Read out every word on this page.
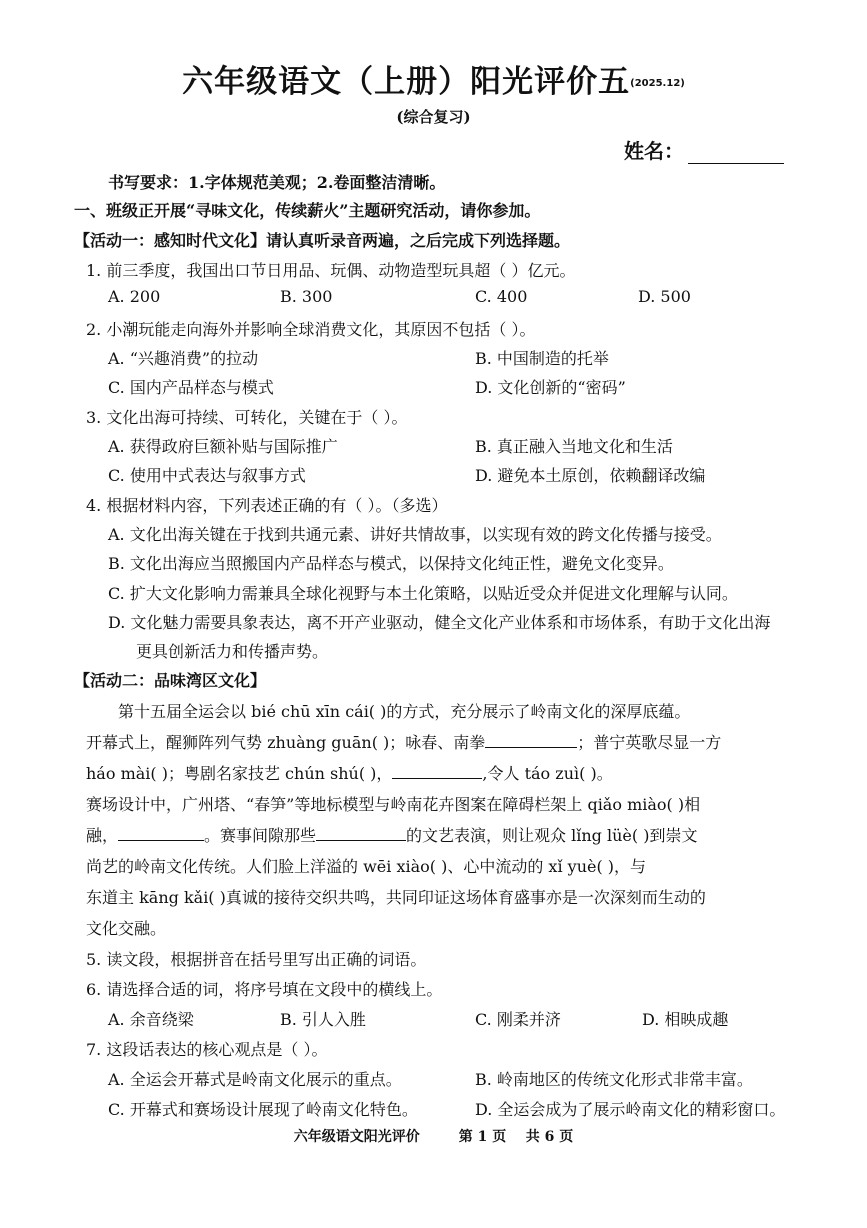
六年级语文（上册）阳光评价五(2025.12)
(综合复习)
姓名：
书写要求：1.字体规范美观；2.卷面整洁清晰。
一、班级正开展“寻味文化，传续薪火”主题研究活动，请你参加。
【活动一：感知时代文化】请认真听录音两遍，之后完成下列选择题。
1. 前三季度，我国出口节日用品、玩偶、动物造型玩具超（ ）亿元。
A. 200	B. 300	C. 400	D. 500
2. 小潮玩能走向海外并影响全球消费文化，其原因不包括（ ）。
A. “兴趣消费”的拉动	B. 中国制造的托举
C. 国内产品样态与模式	D. 文化创新的“密码”
3. 文化出海可持续、可转化，关键在于（ ）。
A. 获得政府巨额补贴与国际推广	B. 真正融入当地文化和生活
C. 使用中式表达与叙事方式	D. 避免本土原创，依赖翻译改编
4. 根据材料内容，下列表述正确的有（ ）。（多选）
A. 文化出海关键在于找到共通元素、讲好共情故事，以实现有效的跨文化传播与接受。
B. 文化出海应当照搬国内产品样态与模式，以保持文化纯正性，避免文化变异。
C. 扩大文化影响力需兼具全球化视野与本土化策略，以贴近受众并促进文化理解与认同。
D. 文化魅力需要具象表达，离不开产业驱动，健全文化产业体系和市场体系，有助于文化出海
更具创新活力和传播声势。
【活动二：品味湾区文化】
第十五届全运会以 bié chū xīn cái( )的方式，充分展示了岭南文化的深厚底蕴。
开幕式上，醒狮阵列气势 zhuàng guān( )；咏春、南拳	；普宁英歌尽显一方
háo mài( )；粤剧名家技艺 chún shú( )，	,令人 táo zuì( )。
赛场设计中，广州塔、“春笋”等地标模型与岭南花卉图案在障碍栏架上 qiǎo miào( )相
融，	。赛事间隙那些	的文艺表演，则让观众 lǐng lüè( )到崇文
尚艺的岭南文化传统。人们脸上洋溢的 wēi xiào( )、心中流动的 xǐ yuè( )，与
东道主 kāng kǎi( )真诚的接待交织共鸣，共同印证这场体育盛事亦是一次深刻而生动的
文化交融。
5. 读文段，根据拼音在括号里写出正确的词语。
6. 请选择合适的词，将序号填在文段中的横线上。
A. 余音绕梁	B. 引人入胜	C. 刚柔并济	D. 相映成趣
7. 这段话表达的核心观点是（ ）。
A. 全运会开幕式是岭南文化展示的重点。	B. 岭南地区的传统文化形式非常丰富。
C. 开幕式和赛场设计展现了岭南文化特色。	D. 全运会成为了展示岭南文化的精彩窗口。
六年级语文阳光评价	第 1 页 共 6 页
